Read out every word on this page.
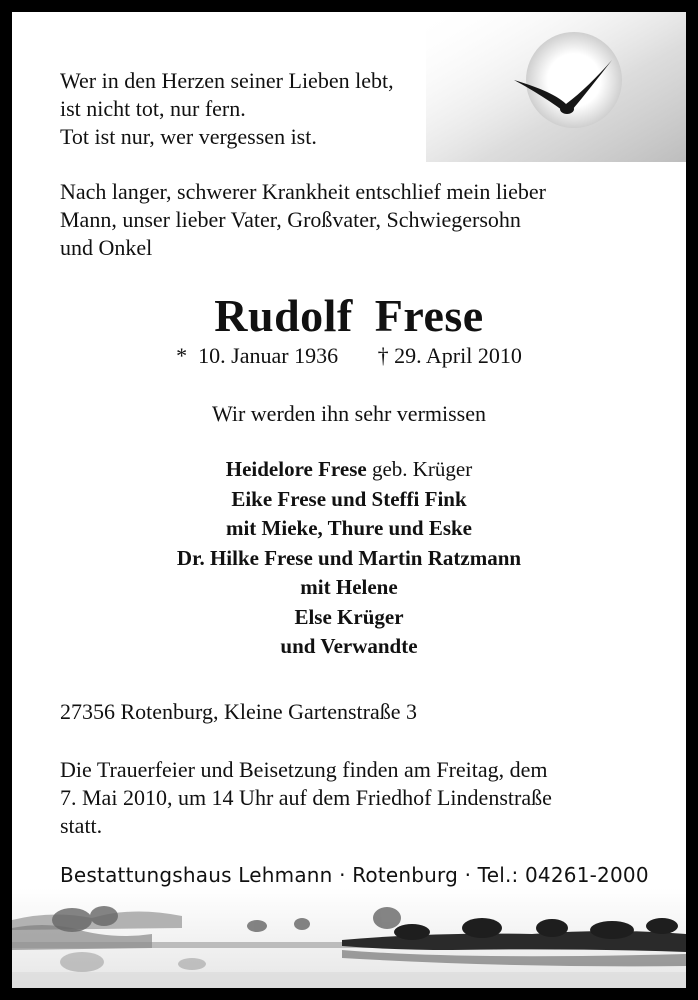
Wer in den Herzen seiner Lieben lebt,
ist nicht tot, nur fern.
Tot ist nur, wer vergessen ist.
Nach langer, schwerer Krankheit entschlief mein lieber
Mann, unser lieber Vater, Großvater, Schwiegersohn
und Onkel
Rudolf Frese
*  10. Januar 1936 † 29. April 2010
Wir werden ihn sehr vermissen
Heidelore Frese geb. Krüger
Eike Frese und Steffi Fink
mit Mieke, Thure und Eske
Dr. Hilke Frese und Martin Ratzmann
mit Helene
Else Krüger
und Verwandte
27356 Rotenburg, Kleine Gartenstraße 3
Die Trauerfeier und Beisetzung finden am Freitag, dem
7. Mai 2010, um 14 Uhr auf dem Friedhof Lindenstraße
statt.
Bestattungshaus Lehmann · Rotenburg · Tel.: 04261-2000
